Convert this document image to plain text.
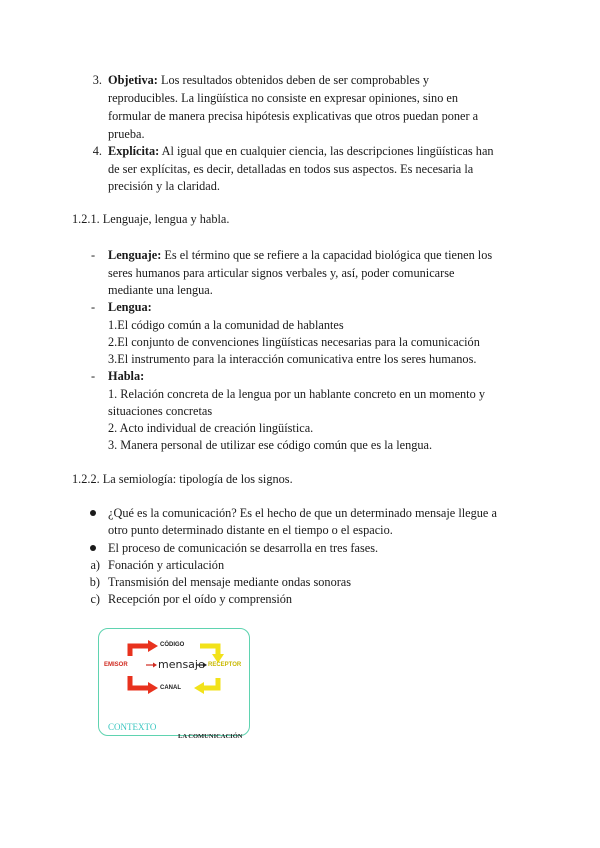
3. Objetiva: Los resultados obtenidos deben de ser comprobables y
reproducibles. La lingüística no consiste en expresar opiniones, sino en
formular de manera precisa hipótesis explicativas que otros puedan poner a
prueba.
4. Explícita: Al igual que en cualquier ciencia, las descripciones lingüísticas han
de ser explícitas, es decir, detalladas en todos sus aspectos. Es necesaria la
precisión y la claridad.
1.2.1. Lenguaje, lengua y habla.
- Lenguaje: Es el término que se refiere a la capacidad biológica que tienen los
seres humanos para articular signos verbales y, así, poder comunicarse
mediante una lengua.
- Lengua:
1.El código común a la comunidad de hablantes
2.El conjunto de convenciones lingüísticas necesarias para la comunicación
3.El instrumento para la interacción comunicativa entre los seres humanos.
- Habla:
1. Relación concreta de la lengua por un hablante concreto en un momento y
situaciones concretas
2. Acto individual de creación lingüística.
3. Manera personal de utilizar ese código común que es la lengua.
1.2.2. La semiología: tipología de los signos.
¿Qué es la comunicación? Es el hecho de que un determinado mensaje llegue a
otro punto determinado distante en el tiempo o el espacio.
El proceso de comunicación se desarrolla en tres fases.
a) Fonación y articulación
b) Transmisión del mensaje mediante ondas sonoras
c) Recepción por el oído y comprensión
CÓDIGO
EMISOR	mensaje RECEPTOR
CANAL
CONTEXTO
LA COMUNICACIÓN
